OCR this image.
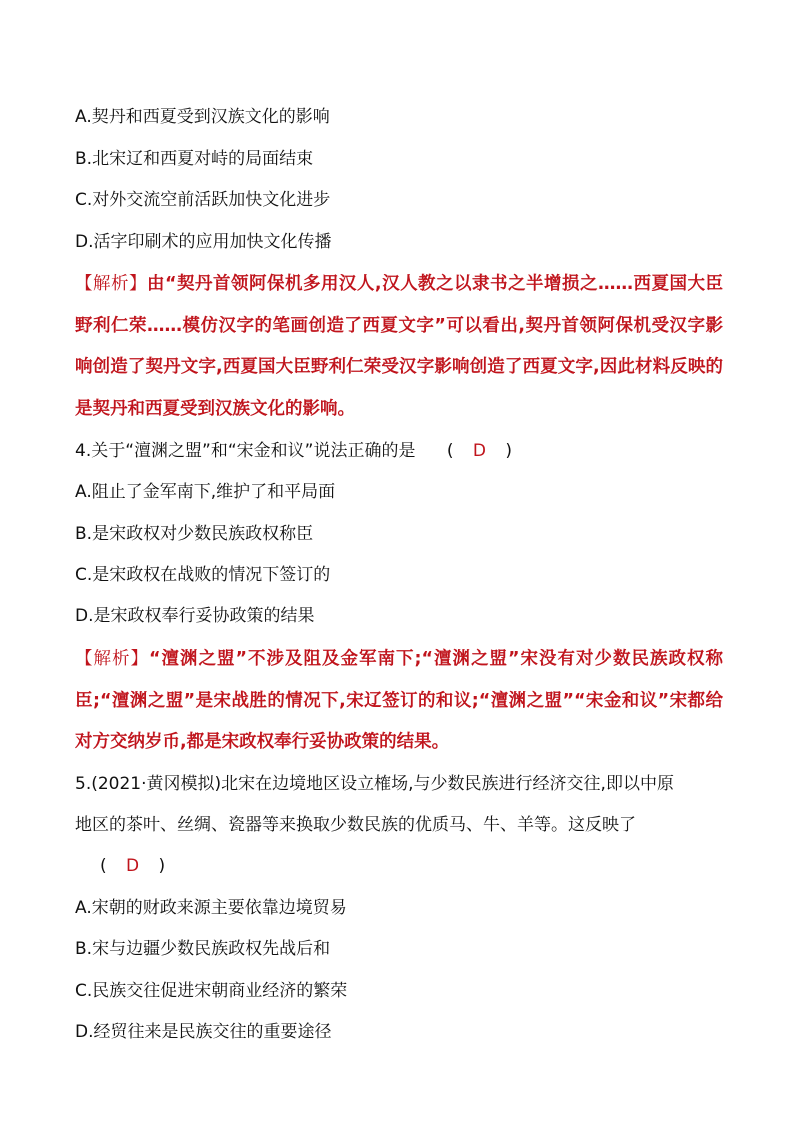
A.契丹和西夏受到汉族文化的影响
B.北宋辽和西夏对峙的局面结束
C.对外交流空前活跃加快文化进步
D.活字印刷术的应用加快文化传播
【解析】由“契丹首领阿保机多用汉人,汉人教之以隶书之半增损之……西夏国大臣野利仁荣……模仿汉字的笔画创造了西夏文字”可以看出,契丹首领阿保机受汉字影响创造了契丹文字,西夏国大臣野利仁荣受汉字影响创造了西夏文字,因此材料反映的是契丹和西夏受到汉族文化的影响。
4.关于“澶渊之盟”和“宋金和议”说法正确的是 ( D )
A.阻止了金军南下,维护了和平局面
B.是宋政权对少数民族政权称臣
C.是宋政权在战败的情况下签订的
D.是宋政权奉行妥协政策的结果
【解析】“澶渊之盟”不涉及阻及金军南下;“澶渊之盟”宋没有对少数民族政权称臣;“澶渊之盟”是宋战胜的情况下,宋辽签订的和议;“澶渊之盟”“宋金和议”宋都给对方交纳岁币,都是宋政权奉行妥协政策的结果。
5.(2021·黄冈模拟)北宋在边境地区设立榷场,与少数民族进行经济交往,即以中原
地区的茶叶、丝绸、瓷器等来换取少数民族的优质马、牛、羊等。这反映了
( D )
A.宋朝的财政来源主要依靠边境贸易
B.宋与边疆少数民族政权先战后和
C.民族交往促进宋朝商业经济的繁荣
D.经贸往来是民族交往的重要途径
